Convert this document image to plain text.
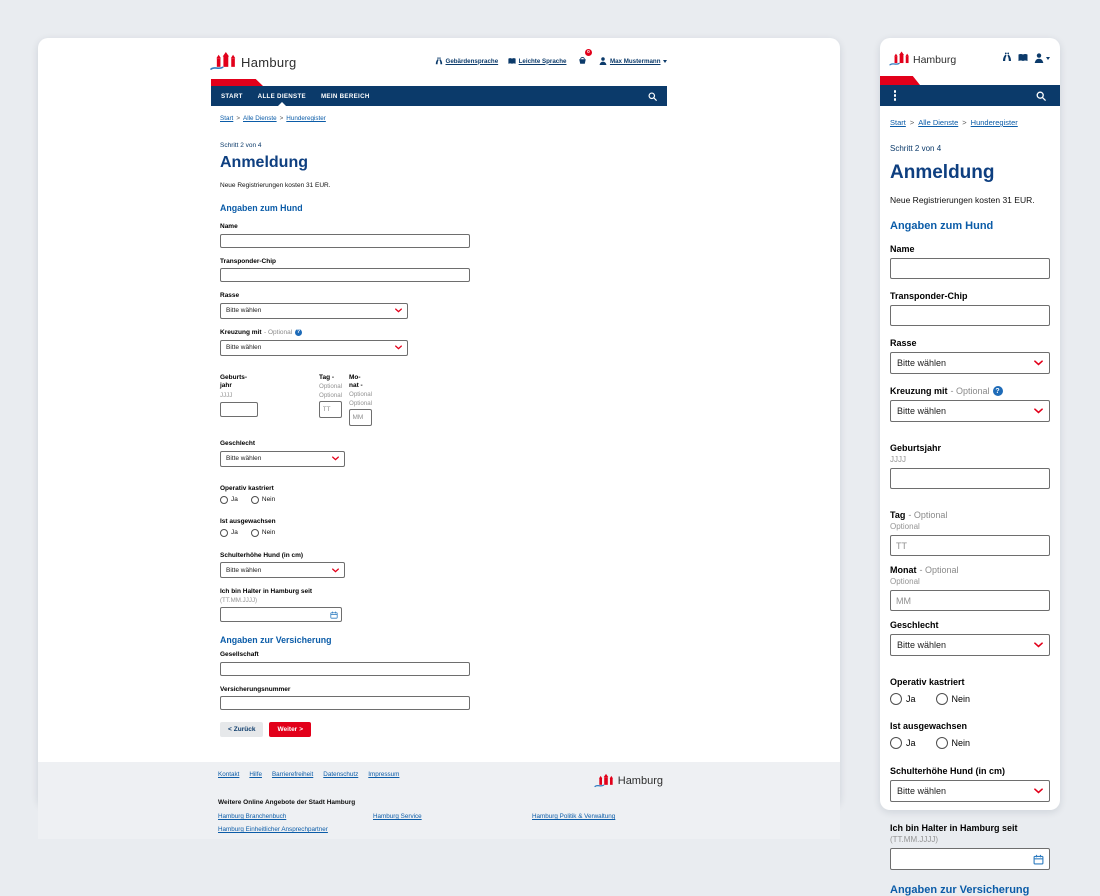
Hamburg	Gebärdensprache	Leichte Sprache
0
Max Mustermann
START ALLE DIENSTE MEIN BEREICH
Start > Alle Dienste > Hunderegister
Schritt 2 von 4
Anmeldung
Neue Registrierungen kosten 31 EUR.
Angaben zum Hund
Name
Transponder-Chip
Rasse
Bitte wählen
Kreuzung mit - Optional ?
Bitte wählen
Geburts-jahr
JJJJ
Tag -
Optional
Optional
TT
Mo-nat -
Optional
Optional
MM
Geschlecht
Bitte wählen
Operativ kastriert
Ja	Nein
Ist ausgewachsen
Ja	Nein
Schulterhöhe Hund (in cm)
Bitte wählen
Ich bin Halter in Hamburg seit
(TT.MM.JJJJ)
Angaben zur Versicherung
Gesellschaft
Versicherungsnummer
< Zurück	Weiter >
Kontakt Hilfe Barrierefreiheit Datenschutz Impressum	Hamburg
Weitere Online Angebote der Stadt Hamburg
Hamburg Branchenbuch
Hamburg Einheitlicher Ansprechpartner
Hamburg Service	Hamburg Politik & Verwaltung
Hamburg
Start > Alle Dienste > Hunderegister
Schritt 2 von 4
Anmeldung
Neue Registrierungen kosten 31 EUR.
Angaben zum Hund
Name
Transponder-Chip
Rasse
Bitte wählen
Kreuzung mit - Optional ?
Bitte wählen
Geburtsjahr
JJJJ
Tag - Optional
Optional
TT
Monat - Optional
Optional
MM
Geschlecht
Bitte wählen
Operativ kastriert
Ja	Nein
Ist ausgewachsen
Ja	Nein
Schulterhöhe Hund (in cm)
Bitte wählen
Ich bin Halter in Hamburg seit
(TT.MM.JJJJ)
Angaben zur Versicherung
